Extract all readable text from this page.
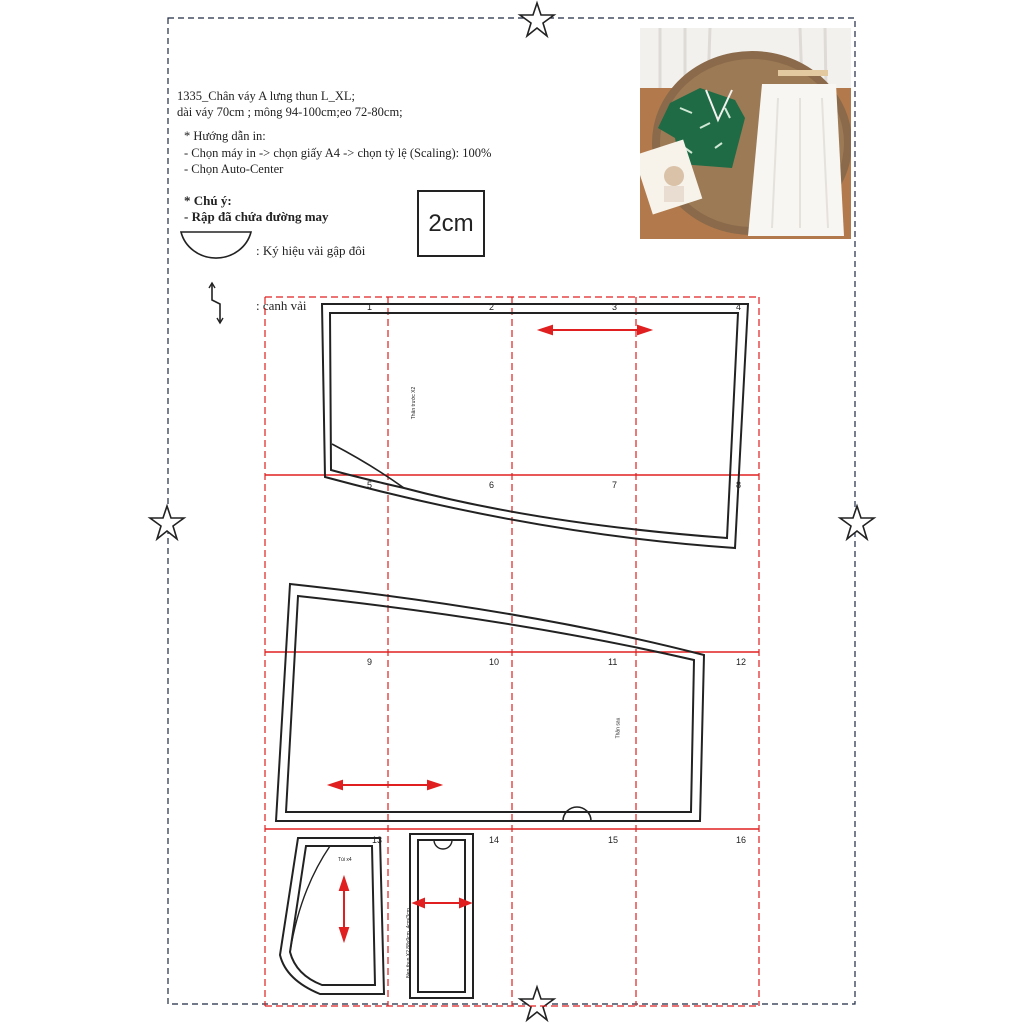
1335_Chân váy A lưng thun L_XL;
dài váy 70cm ; mông 94-100cm;eo 72-80cm;
* Hướng dẫn in:
- Chọn máy in -> chọn giấy A4 -> chọn tỷ lệ (Scaling): 100%
- Chọn Auto-Center
* Chú ý:
- Rập đã chứa đường may
: Ký hiệu vải gập đôi
: canh vải
2cm
1	2	3	4
5	6	7	8
9	10	11	12
13	14	15	16
Thân trước X2
Thân sau
Túi x4
Nẹp thun X2 88x9cm. 4cm/3cm
